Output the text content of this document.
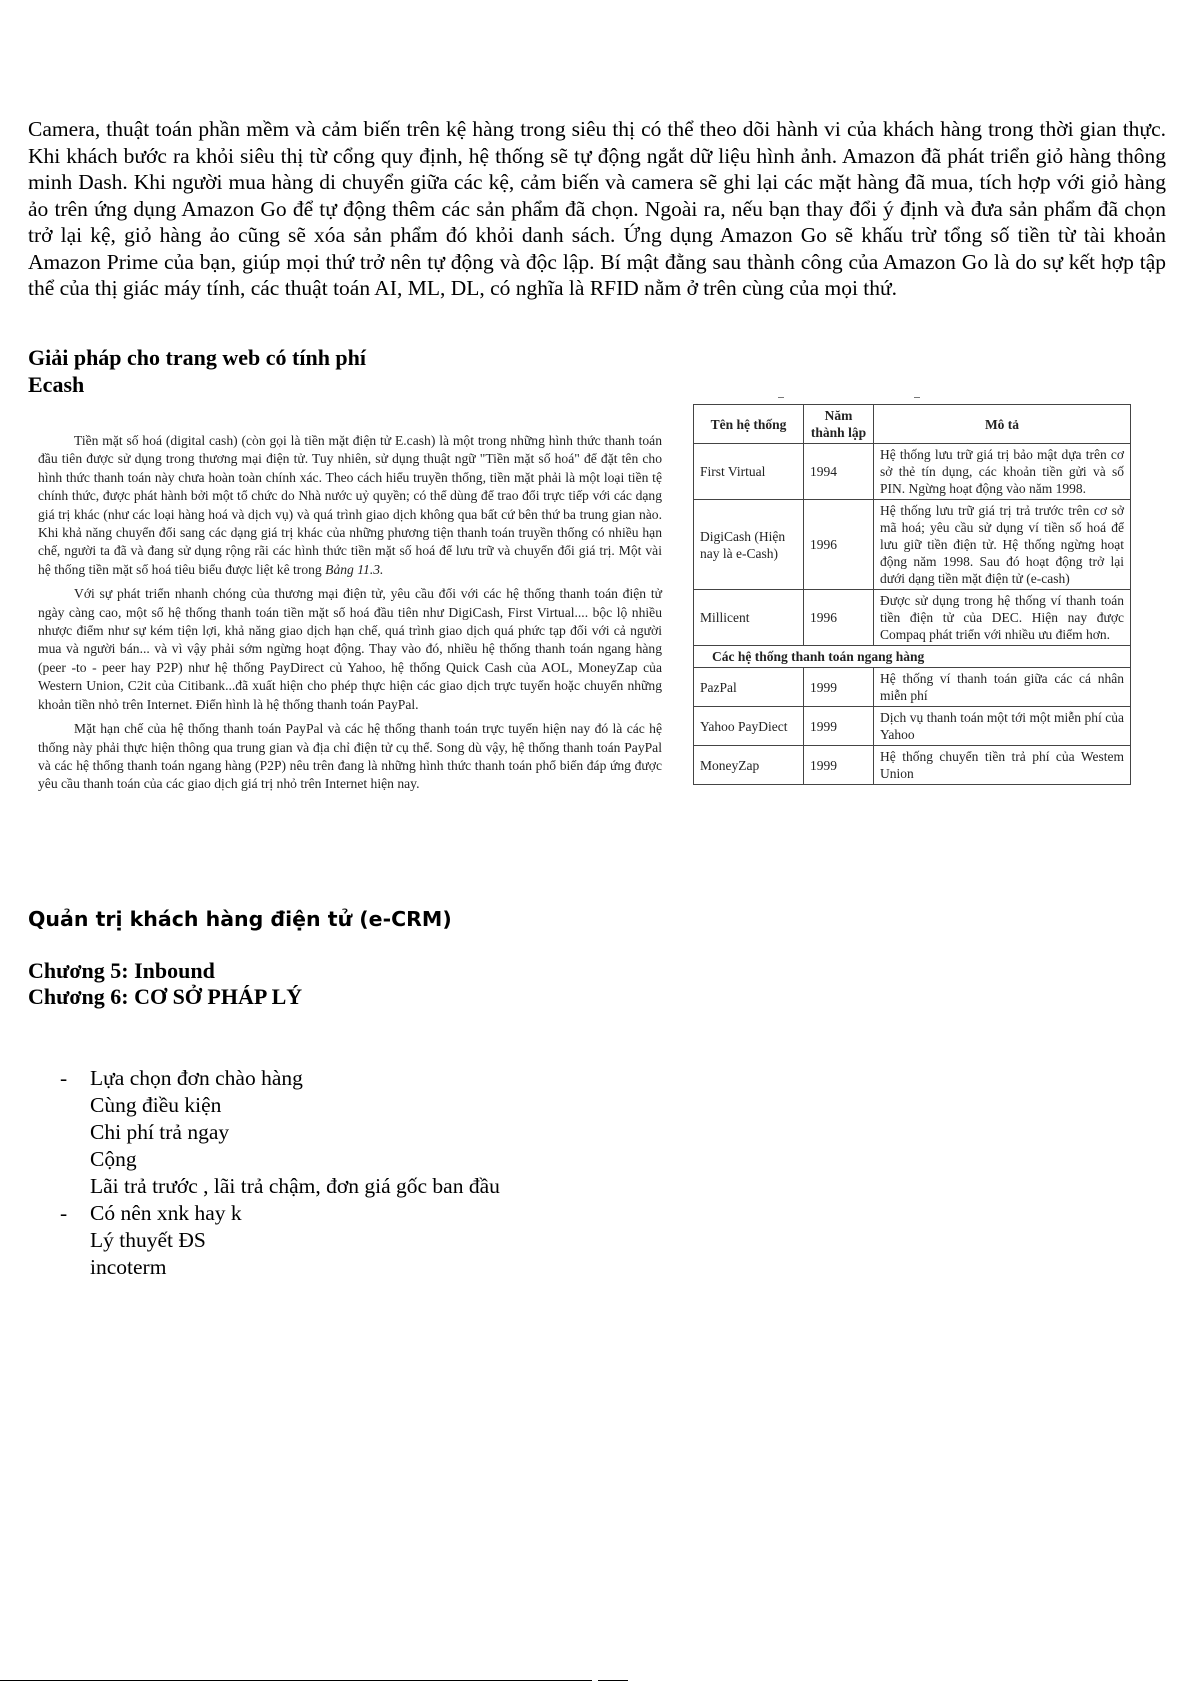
Camera, thuật toán phần mềm và cảm biến trên kệ hàng trong siêu thị có thể theo dõi hành vi của khách hàng trong thời gian thực. Khi khách bước ra khỏi siêu thị từ cổng quy định, hệ thống sẽ tự động ngắt dữ liệu hình ảnh. Amazon đã phát triển giỏ hàng thông minh Dash. Khi người mua hàng di chuyển giữa các kệ, cảm biến và camera sẽ ghi lại các mặt hàng đã mua, tích hợp với giỏ hàng ảo trên ứng dụng Amazon Go để tự động thêm các sản phẩm đã chọn. Ngoài ra, nếu bạn thay đổi ý định và đưa sản phẩm đã chọn trở lại kệ, giỏ hàng ảo cũng sẽ xóa sản phẩm đó khỏi danh sách. Ứng dụng Amazon Go sẽ khấu trừ tổng số tiền từ tài khoản Amazon Prime của bạn, giúp mọi thứ trở nên tự động và độc lập. Bí mật đằng sau thành công của Amazon Go là do sự kết hợp tập thể của thị giác máy tính, các thuật toán AI, ML, DL, có nghĩa là RFID nằm ở trên cùng của mọi thứ.

Giải pháp cho trang web có tính phí

Ecash

Tiền mặt số hoá (digital cash) (còn gọi là tiền mặt điện tử E.cash) là một trong những hình thức thanh toán đầu tiên được sử dụng trong thương mại điện tử. Tuy nhiên, sử dụng thuật ngữ "Tiền mặt số hoá" để đặt tên cho hình thức thanh toán này chưa hoàn toàn chính xác. Theo cách hiểu truyền thống, tiền mặt phải là một loại tiền tệ chính thức, được phát hành bởi một tổ chức do Nhà nước uỷ quyền; có thể dùng để trao đổi trực tiếp với các dạng giá trị khác (như các loại hàng hoá và dịch vụ) và quá trình giao dịch không qua bất cứ bên thứ ba trung gian nào. Khi khả năng chuyển đổi sang các dạng giá trị khác của những phương tiện thanh toán truyền thống có nhiều hạn chế, người ta đã và đang sử dụng rộng rãi các hình thức tiền mặt số hoá để lưu trữ và chuyển đổi giá trị. Một vài hệ thống tiền mặt số hoá tiêu biểu được liệt kê trong Bảng 11.3.

Với sự phát triển nhanh chóng của thương mại điện tử, yêu cầu đối với các hệ thống thanh toán điện tử ngày càng cao, một số hệ thống thanh toán tiền mặt số hoá đầu tiên như DigiCash, First Virtual.... bộc lộ nhiều nhược điểm như sự kém tiện lợi, khả năng giao dịch hạn chế, quá trình giao dịch quá phức tạp đối với cả người mua và người bán... và vì vậy phải sớm ngừng hoạt động. Thay vào đó, nhiều hệ thống thanh toán ngang hàng (peer -to - peer hay P2P) như hệ thống PayDirect củ Yahoo, hệ thống Quick Cash của AOL, MoneyZap của Western Union, C2it của Citibank...đã xuất hiện cho phép thực hiện các giao dịch trực tuyến hoặc chuyển những khoản tiền nhỏ trên Internet. Điển hình là hệ thống thanh toán PayPal.

Mặt hạn chế của hệ thống thanh toán PayPal và các hệ thống thanh toán trực tuyến hiện nay đó là các hệ thống này phải thực hiện thông qua trung gian và địa chỉ điện tử cụ thể. Song dù vậy, hệ thống thanh toán PayPal và các hệ thống thanh toán ngang hàng (P2P) nêu trên đang là những hình thức thanh toán phổ biến đáp ứng được yêu cầu thanh toán của các giao dịch giá trị nhỏ trên Internet hiện nay.

Tên hệ thống	Năm thành lập	Mô tả
First Virtual	1994	Hệ thống lưu trữ giá trị bảo mật dựa trên cơ sở thẻ tín dụng, các khoản tiền gửi và số PIN. Ngừng hoạt động vào năm 1998.
DigiCash (Hiện nay là e-Cash)	1996	Hệ thống lưu trữ giá trị trả trước trên cơ sở mã hoá; yêu cầu sử dụng ví tiền số hoá để lưu giữ tiền điện tử. Hệ thống ngừng hoạt động năm 1998. Sau đó hoạt động trở lại dưới dạng tiền mặt điện tử (e-cash)
Millicent	1996	Được sử dụng trong hệ thống ví thanh toán tiền điện tử của DEC. Hiện nay được Compaq phát triển với nhiều ưu điểm hơn.
Các hệ thống thanh toán ngang hàng		
PazPal	1999	Hệ thống ví thanh toán giữa các cá nhân miễn phí
Yahoo PayDiect	1999	Dịch vụ thanh toán một tới một miễn phí của Yahoo
MoneyZap	1999	Hệ thống chuyển tiền trả phí của Westem Union

Quản trị khách hàng điện tử (e-CRM)

Chương 5: Inbound

Chương 6: CƠ SỞ PHÁP LÝ

- Lựa chọn đơn chào hàng

Cùng điều kiện

Chi phí trả ngay

Cộng

Lãi trả trước , lãi trả chậm, đơn giá gốc ban đầu

- Có nên xnk hay k

Lý thuyết ĐS

incoterm
